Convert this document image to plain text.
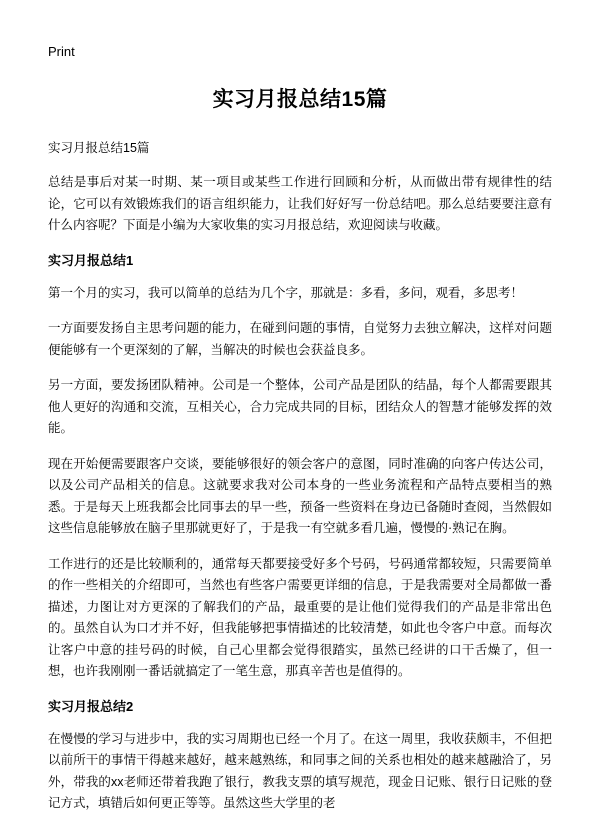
Print
实习月报总结15篇
实习月报总结15篇

总结是事后对某一时期、某一项目或某些工作进行回顾和分析，从而做出带有规律性的结论，它可以有效锻炼我们的语言组织能力，让我们好好写一份总结吧。那么总结要要注意有什么内容呢？下面是小编为大家收集的实习月报总结，欢迎阅读与收藏。

实习月报总结1

第一个月的实习，我可以简单的总结为几个字，那就是：多看，多问，观看，多思考！

一方面要发扬自主思考问题的能力，在碰到问题的事情，自觉努力去独立解决，这样对问题便能够有一个更深刻的了解，当解决的时候也会获益良多。

另一方面，要发扬团队精神。公司是一个整体，公司产品是团队的结晶，每个人都需要跟其他人更好的沟通和交流，互相关心，合力完成共同的目标，团结众人的智慧才能够发挥的效能。

现在开始便需要跟客户交谈，要能够很好的领会客户的意图，同时准确的向客户传达公司，以及公司产品相关的信息。这就要求我对公司本身的一些业务流程和产品特点要相当的熟悉。于是每天上班我都会比同事去的早一些，预备一些资料在身边已备随时查阅，当然假如这些信息能够放在脑子里那就更好了，于是我一有空就多看几遍，慢慢的·熟记在胸。

工作进行的还是比较顺利的，通常每天都要接受好多个号码，号码通常都较短，只需要简单的作一些相关的介绍即可，当然也有些客户需要更详细的信息，于是我需要对全局都做一番描述，力图让对方更深的了解我们的产品，最重要的是让他们觉得我们的产品是非常出色的。虽然自认为口才并不好，但我能够把事情描述的比较清楚，如此也令客户中意。而每次让客户中意的挂号码的时候，自己心里都会觉得很踏实，虽然已经讲的口干舌燥了，但一想，也许我刚刚一番话就搞定了一笔生意，那真辛苦也是值得的。

实习月报总结2

在慢慢的学习与进步中，我的实习周期也已经一个月了。在这一周里，我收获颇丰，不但把以前所干的事情干得越来越好，越来越熟练，和同事之间的关系也相处的越来越融洽了，另外，带我的xx老师还带着我跑了银行，教我支票的填写规范，现金日记账、银行日记账的登记方式，填错后如何更正等等。虽然这些大学里的老
